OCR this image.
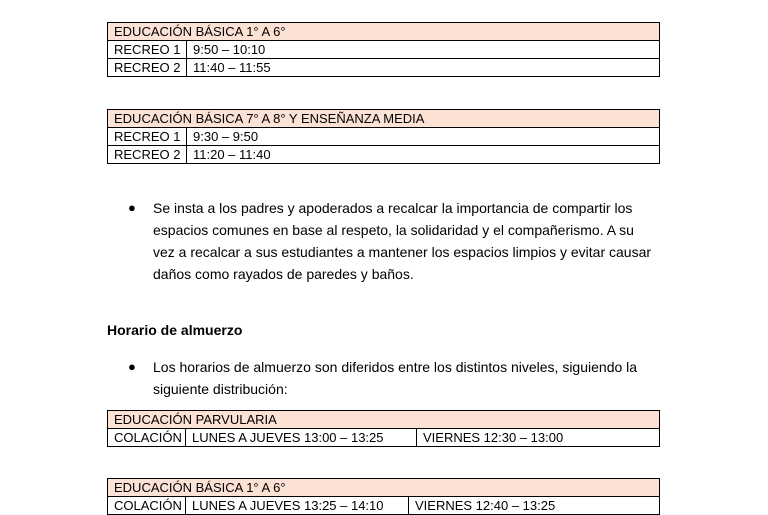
EDUCACIÓN BÁSICA 1° A 6°	
RECREO 1	9:50 – 10:10
RECREO 2	11:40 – 11:55
EDUCACIÓN BÁSICA 7° A 8° Y ENSEÑANZA MEDIA	
RECREO 1	9:30 – 9:50
RECREO 2	11:20 – 11:40
● Se insta a los padres y apoderados a recalcar la importancia de compartir los
espacios comunes en base al respeto, la solidaridad y el compañerismo. A su
vez a recalcar a sus estudiantes a mantener los espacios limpios y evitar causar
daños como rayados de paredes y baños.
Horario de almuerzo
● Los horarios de almuerzo son diferidos entre los distintos niveles, siguiendo la
siguiente distribución:
EDUCACIÓN PARVULARIA
COLACIÓN	LUNES A JUEVES 13:00 – 13:25	VIERNES 12:30 – 13:00
EDUCACIÓN BÁSICA 1° A 6°
COLACIÓN	LUNES A JUEVES 13:25 – 14:10	VIERNES 12:40 – 13:25
